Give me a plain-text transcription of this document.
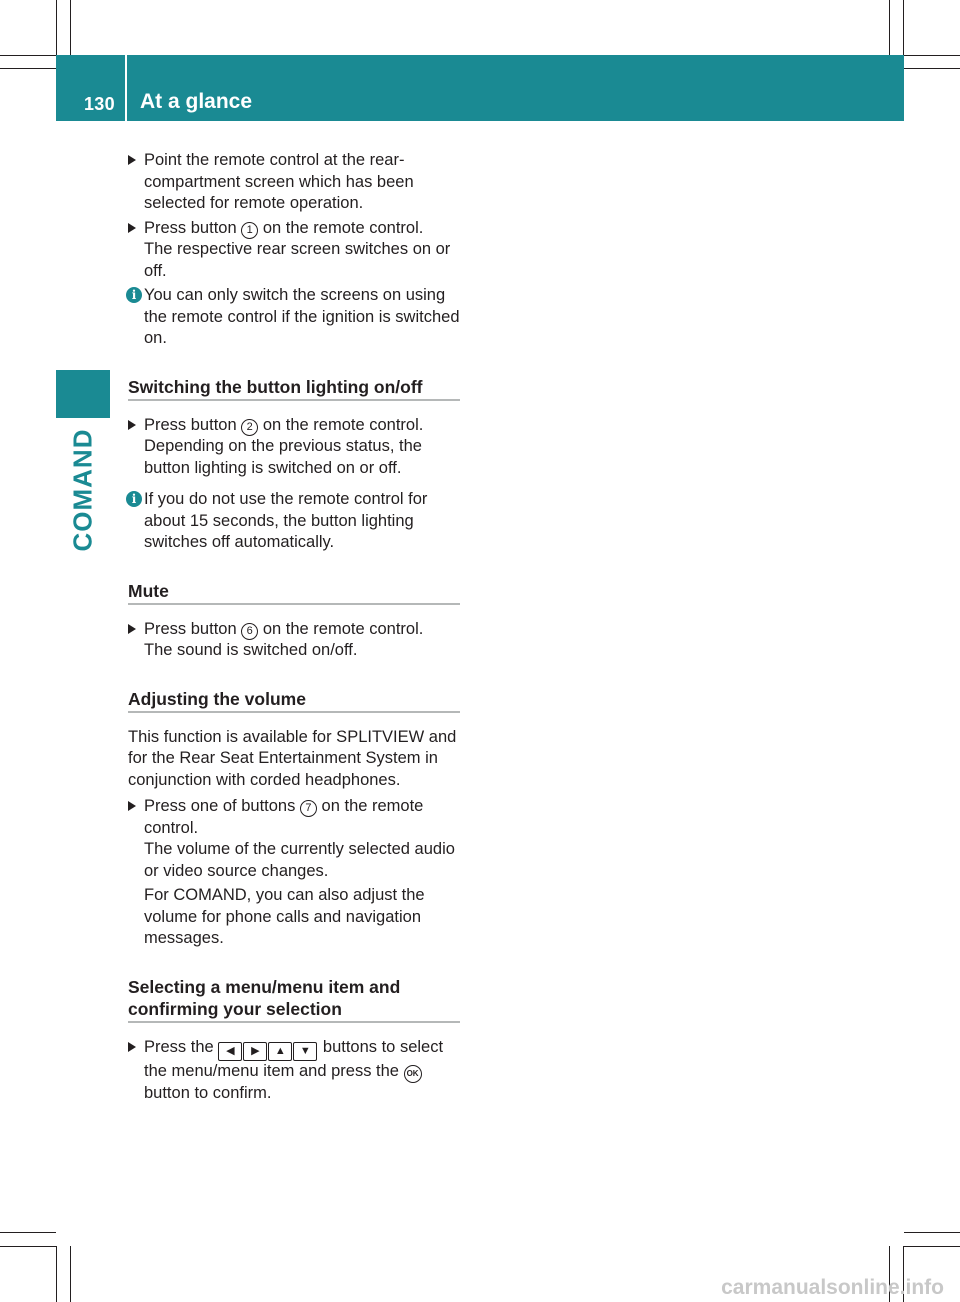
130 At a glance
COMAND

Point the remote control at the rear-compartment screen which has been selected for remote operation.

Press button 1 on the remote control.

The respective rear screen switches on or off.

i You can only switch the screens on using the remote control if the ignition is switched on.

Switching the button lighting on/off

Press button 2 on the remote control.

Depending on the previous status, the button lighting is switched on or off.

i If you do not use the remote control for about 15 seconds, the button lighting switches off automatically.

Mute

Press button 6 on the remote control.

The sound is switched on/off.

Adjusting the volume

This function is available for SPLITVIEW and for the Rear Seat Entertainment System in conjunction with corded headphones.

Press one of buttons 7 on the remote control.

The volume of the currently selected audio or video source changes.

For COMAND, you can also adjust the volume for phone calls and navigation messages.

Selecting a menu/menu item and confirming your selection

Press the ◀ ▶ ▲ ▼ buttons to select the menu/menu item and press the OK button to confirm.

carmanualsonline.info
